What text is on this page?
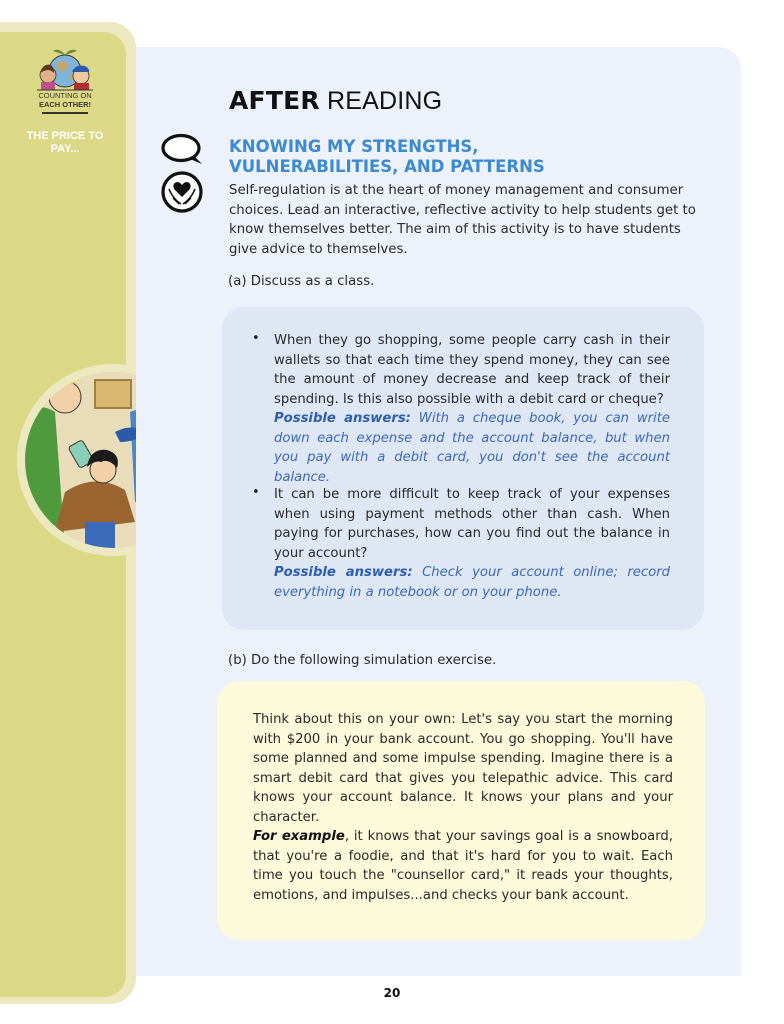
COUNTING ON
EACH OTHER!
THE PRICE TO PAY...
AFTER READING
KNOWING MY STRENGTHS, VULNERABILITIES, AND PATTERNS
Self-regulation is at the heart of money management and consumer choices. Lead an interactive, reflective activity to help students get to know themselves better. The aim of this activity is to have students give advice to themselves.
(a) Discuss as a class.
• When they go shopping, some people carry cash in their wallets so that each time they spend money, they can see the amount of money decrease and keep track of their spending. Is this also possible with a debit card or cheque?
Possible answers: With a cheque book, you can write down each expense and the account balance, but when you pay with a debit card, you don't see the account balance.
• It can be more difficult to keep track of your expenses when using payment methods other than cash. When paying for purchases, how can you find out the balance in your account?
Possible answers: Check your account online; record everything in a notebook or on your phone.
(b) Do the following simulation exercise.
Think about this on your own: Let's say you start the morning with $200 in your bank account. You go shopping. You'll have some planned and some impulse spending. Imagine there is a smart debit card that gives you telepathic advice. This card knows your account balance. It knows your plans and your character.
For example, it knows that your savings goal is a snowboard, that you're a foodie, and that it's hard for you to wait. Each time you touch the "counsellor card," it reads your thoughts, emotions, and impulses...and checks your bank account.
20
